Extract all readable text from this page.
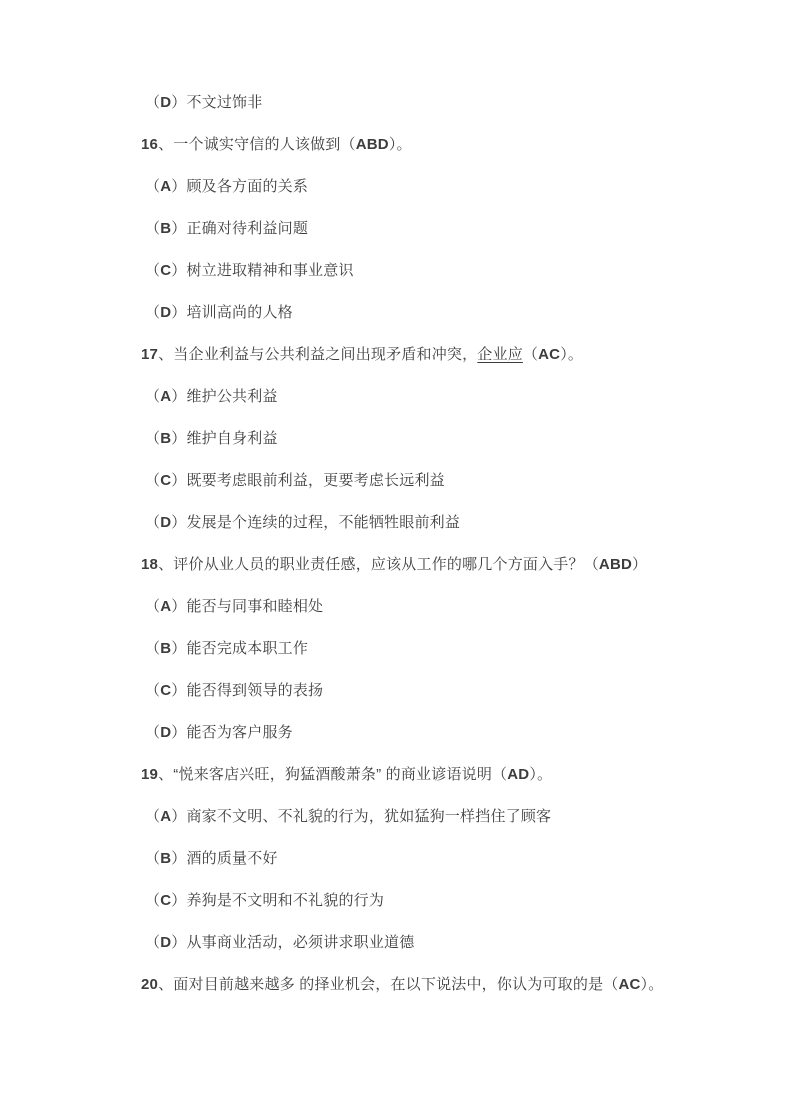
（D）不文过饰非

16、一个诚实守信的人该做到（ABD）。

（A）顾及各方面的关系

（B）正确对待利益问题

（C）树立进取精神和事业意识

（D）培训高尚的人格

17、当企业利益与公共利益之间出现矛盾和冲突，企业应（AC）。

（A）维护公共利益

（B）维护自身利益

（C）既要考虑眼前利益，更要考虑长远利益

（D）发展是个连续的过程，不能牺牲眼前利益

18、评价从业人员的职业责任感，应该从工作的哪几个方面入手？（ABD）

（A）能否与同事和睦相处

（B）能否完成本职工作

（C）能否得到领导的表扬

（D）能否为客户服务

19、“悦来客店兴旺，狗猛酒酸萧条” 的商业谚语说明（AD）。

（A）商家不文明、不礼貌的行为，犹如猛狗一样挡住了顾客

（B）酒的质量不好

（C）养狗是不文明和不礼貌的行为

（D）从事商业活动，必须讲求职业道德

20、面对目前越来越多 的择业机会，在以下说法中，你认为可取的是（AC）。
